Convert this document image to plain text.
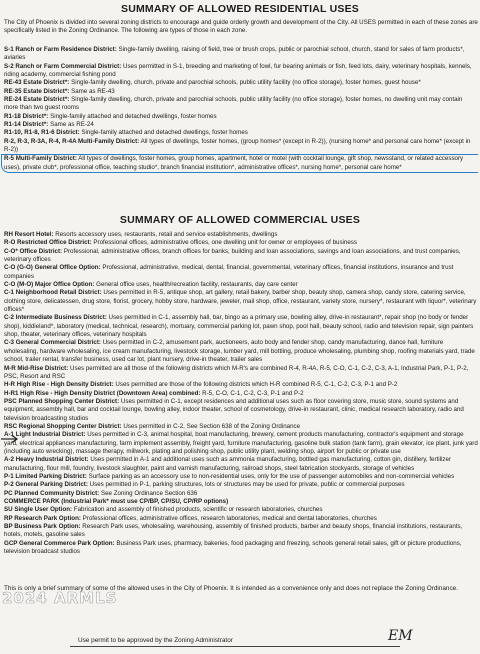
SUMMARY OF ALLOWED RESIDENTIAL USES

The City of Phoenix is divided into several zoning districts to encourage and guide orderly growth and development of the City. All USES permitted in each of these zones are specifically listed in the Zoning Ordinance. The following are types of those in each zone.

S-1 Ranch or Farm Residence District: Single-family dwelling, raising of field, tree or brush crops, public or parochial school, church, stand for sales of farm products*, aviaries

S-2 Ranch or Farm Commercial District: Uses permitted in S-1, breeding and marketing of fowl, fur bearing animals or fish, feed lots, dairy, veterinary hospitals, kennels, riding academy, commercial fishing pond

RE-43 Estate District*: Single-family dwelling, church, private and parochial schools, public utility facility (no office storage), foster homes, guest house*

RE-35 Estate District*: Same as RE-43

RE-24 Estate District*: Single-family dwelling, church, private and parochial schools, public utility facility (no office storage), foster homes, no dwelling unit may contain more than two guest rooms

R1-18 District*: Single-family attached and detached dwellings, foster homes

R1-14 District*: Same as RE-24

R1-10, R1-8, R1-6 District: Single-family attached and detached dwellings, foster homes

R-2, R-3, R-3A, R-4, R-4A Multi-Family District: All types of dwellings, foster homes, (group homes* (except in R-2)), (nursing home* and personal care home* (except in R-2))

R-5 Multi-Family District: All types of dwellings, foster homes, group homes, apartment, hotel or motel (with cocktail lounge, gift shop, newsstand, or related accessory uses), private club*, professional office, teaching studio*, branch financial institution*, administrative offices*, nursing home*, personal care home*

SUMMARY OF ALLOWED COMMERCIAL USES

RH Resort Hotel: Resorts accessory uses, restaurants, retail and service establishments, dwellings

R-O Restricted Office District: Professional offices, administrative offices, one dwelling unit for owner or employees of business

C-O* Office District: Professional, administrative offices, branch offices for banks, building and loan associations, savings and loan associations, and trust companies, veterinary offices

C-O (G-O) General Office Option: Professional, administrative, medical, dental, financial, governmental, veterinary offices, financial institutions, insurance and trust companies

C-O (M-O) Major Office Option: General office uses, health/recreation facility, restaurants, day care center

C-1 Neighborhood Retail District: Uses permitted in R-5, antique shop, art gallery, retail bakery, barber shop, beauty shop, camera shop, candy store, catering service, clothing store, delicatessen, drug store, florist, grocery, hobby store, hardware, jeweler, mail shop, office, restaurant, variety store, nursery*, restaurant with liquor*, veterinary offices*

C-2 Intermediate Business District: Uses permitted in C-1, assembly hall, bar, bingo as a primary use, bowling alley, drive-in restaurant*, repair shop (no body or fender shop), kiddieland*, laboratory (medical, technical, research), mortuary, commercial parking lot, pawn shop, pool hall, beauty school, radio and television repair, sign painters shop, theater, veterinary offices, veterinary hospitals

C-3 General Commercial District: Uses permitted in C-2, amusement park, auctioneers, auto body and fender shop, candy manufacturing, dance hall, furniture wholesaling, hardware wholesaling, ice cream manufacturing, livestock storage, lumber yard, mill bottling, produce wholesaling, plumbing shop, roofing materials yard, trade school, trailer rental, transfer business, used car lot, plant nursery, drive-in theater, trailer sales

M-R Mid-Rise District: Uses permitted are all those of the following districts which M-R's are combined R-4, R-4A, R-5, C-O, C-1, C-2, C-3, A-1, Industrial Park, P-1, P-2, PSC, Resort and RSC

H-R High Rise - High Density District: Uses permitted are those of the following districts which H-R combined R-5, C-1, C-2, C-3, P-1 and P-2

H-R1 High Rise - High Density District (Downtown Area) combined: R-5, C-O, C-1, C-2, C-3, P-1 and P-2

PSC Planned Shopping Center District: Uses permitted in C-1, except residences and additional uses such as floor covering store, music store, sound systems and equipment, assembly hall, bar and cocktail lounge, bowling alley, indoor theater, school of cosmetology, drive-in restaurant, clinic, medical research laboratory, radio and television broadcasting studios

RSC Regional Shopping Center District: Uses permitted in C-2, See Section 638 of the Zoning Ordinance

A-1 Light Industrial District: Uses permitted in C-3, animal hospital, boat manufacturing, brewery, cement products manufacturing, contractor's equipment and storage yard, electrical appliances manufacturing, farm implement assembly, freight yard, furniture manufacturing, gasoline bulk station (tank farm), grain elevator, ice plant, junk yard (including auto wrecking), massage therapy, millwork, plating and polishing shop, public utility plant, welding shop, airport for public or private use

A-2 Heavy Industrial District: Uses permitted in A-1 and additional uses such as ammonia manufacturing, bottled gas manufacturing, cotton gin, distillery, fertilizer manufacturing, flour mill, foundry, livestock slaughter, paint and varnish manufacturing, railroad shops, steel fabrication stockyards, storage of vehicles

P-1 Limited Parking District: Surface parking as an accessory use to non-residential uses, only for the use of passenger automobiles and non-commercial vehicles

P-2 General Parking District: Uses permitted in P-1, parking structures, lots or structures may be used for private, public or commercial purposes

PC Planned Community District: See Zoning Ordinance Section 636

COMMERCE PARK (Industrial Park* must use CP/BP, CP/SU, CP/RP options)

SU Single User Option: Fabrication and assembly of finished products, scientific or research laboratories, churches

RP Research Park Option: Professional offices, administrative offices, research laboratories, medical and dental laboratories, churches

BP Business Park Option: Research Park uses, wholesaling, warehousing, assembly of finished products, barber and beauty shops, financial institutions, restaurants, hotels, motels, gasoline sales

GCP General Commerce Park Option: Business Park uses, pharmacy, bakeries, food packaging and freezing, schools general retail sales, gift or picture productions, television broadcast studios

This is only a brief summary of some of the allowed uses in the City of Phoenix. It is intended as a convenience only and does not replace the Zoning Ordinance.
2024 ARMLS
Use permit to be approved by the Zoning Administrator	EM
